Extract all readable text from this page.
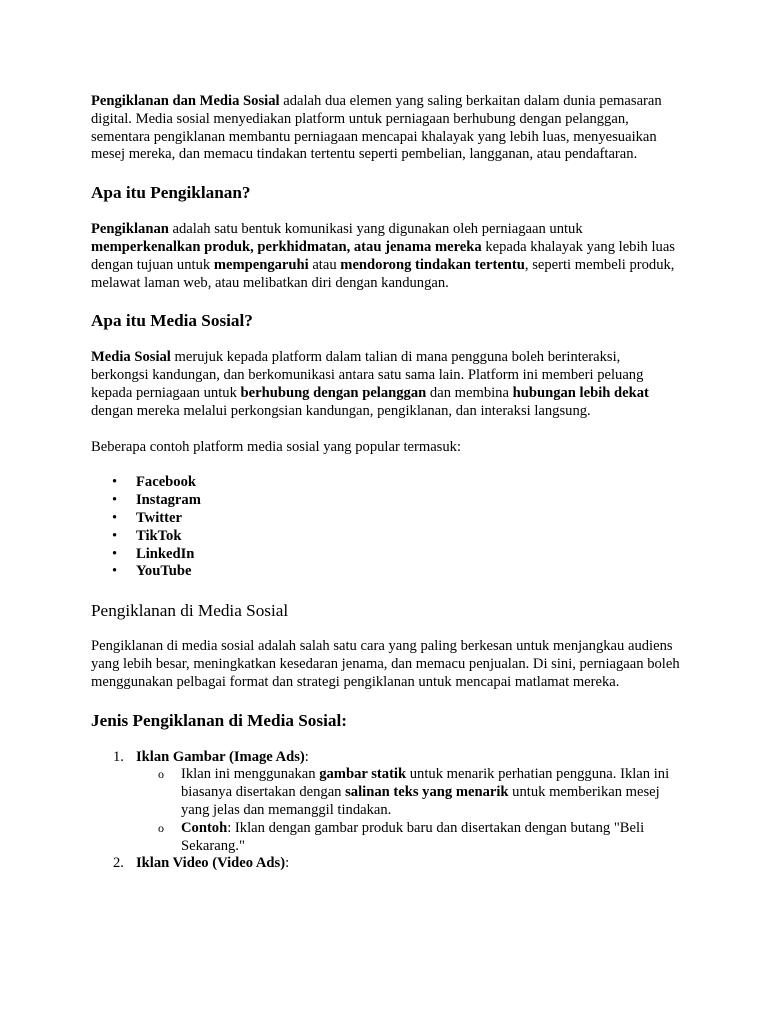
Pengiklanan dan Media Sosial adalah dua elemen yang saling berkaitan dalam dunia pemasaran digital. Media sosial menyediakan platform untuk perniagaan berhubung dengan pelanggan, sementara pengiklanan membantu perniagaan mencapai khalayak yang lebih luas, menyesuaikan mesej mereka, dan memacu tindakan tertentu seperti pembelian, langganan, atau pendaftaran.

Apa itu Pengiklanan?

Pengiklanan adalah satu bentuk komunikasi yang digunakan oleh perniagaan untuk memperkenalkan produk, perkhidmatan, atau jenama mereka kepada khalayak yang lebih luas dengan tujuan untuk mempengaruhi atau mendorong tindakan tertentu, seperti membeli produk, melawat laman web, atau melibatkan diri dengan kandungan.

Apa itu Media Sosial?

Media Sosial merujuk kepada platform dalam talian di mana pengguna boleh berinteraksi, berkongsi kandungan, dan berkomunikasi antara satu sama lain. Platform ini memberi peluang kepada perniagaan untuk berhubung dengan pelanggan dan membina hubungan lebih dekat dengan mereka melalui perkongsian kandungan, pengiklanan, dan interaksi langsung.

Beberapa contoh platform media sosial yang popular termasuk:

• Facebook
• Instagram
• Twitter
• TikTok
• LinkedIn
• YouTube
Pengiklanan di Media Sosial

Pengiklanan di media sosial adalah salah satu cara yang paling berkesan untuk menjangkau audiens yang lebih besar, meningkatkan kesedaran jenama, dan memacu penjualan. Di sini, perniagaan boleh menggunakan pelbagai format dan strategi pengiklanan untuk mencapai matlamat mereka.

Jenis Pengiklanan di Media Sosial:
1. Iklan Gambar (Image Ads):
o Iklan ini menggunakan gambar statik untuk menarik perhatian pengguna. Iklan ini biasanya disertakan dengan salinan teks yang menarik untuk memberikan mesej yang jelas dan memanggil tindakan.
o Contoh: Iklan dengan gambar produk baru dan disertakan dengan butang "Beli Sekarang."
2. Iklan Video (Video Ads):
